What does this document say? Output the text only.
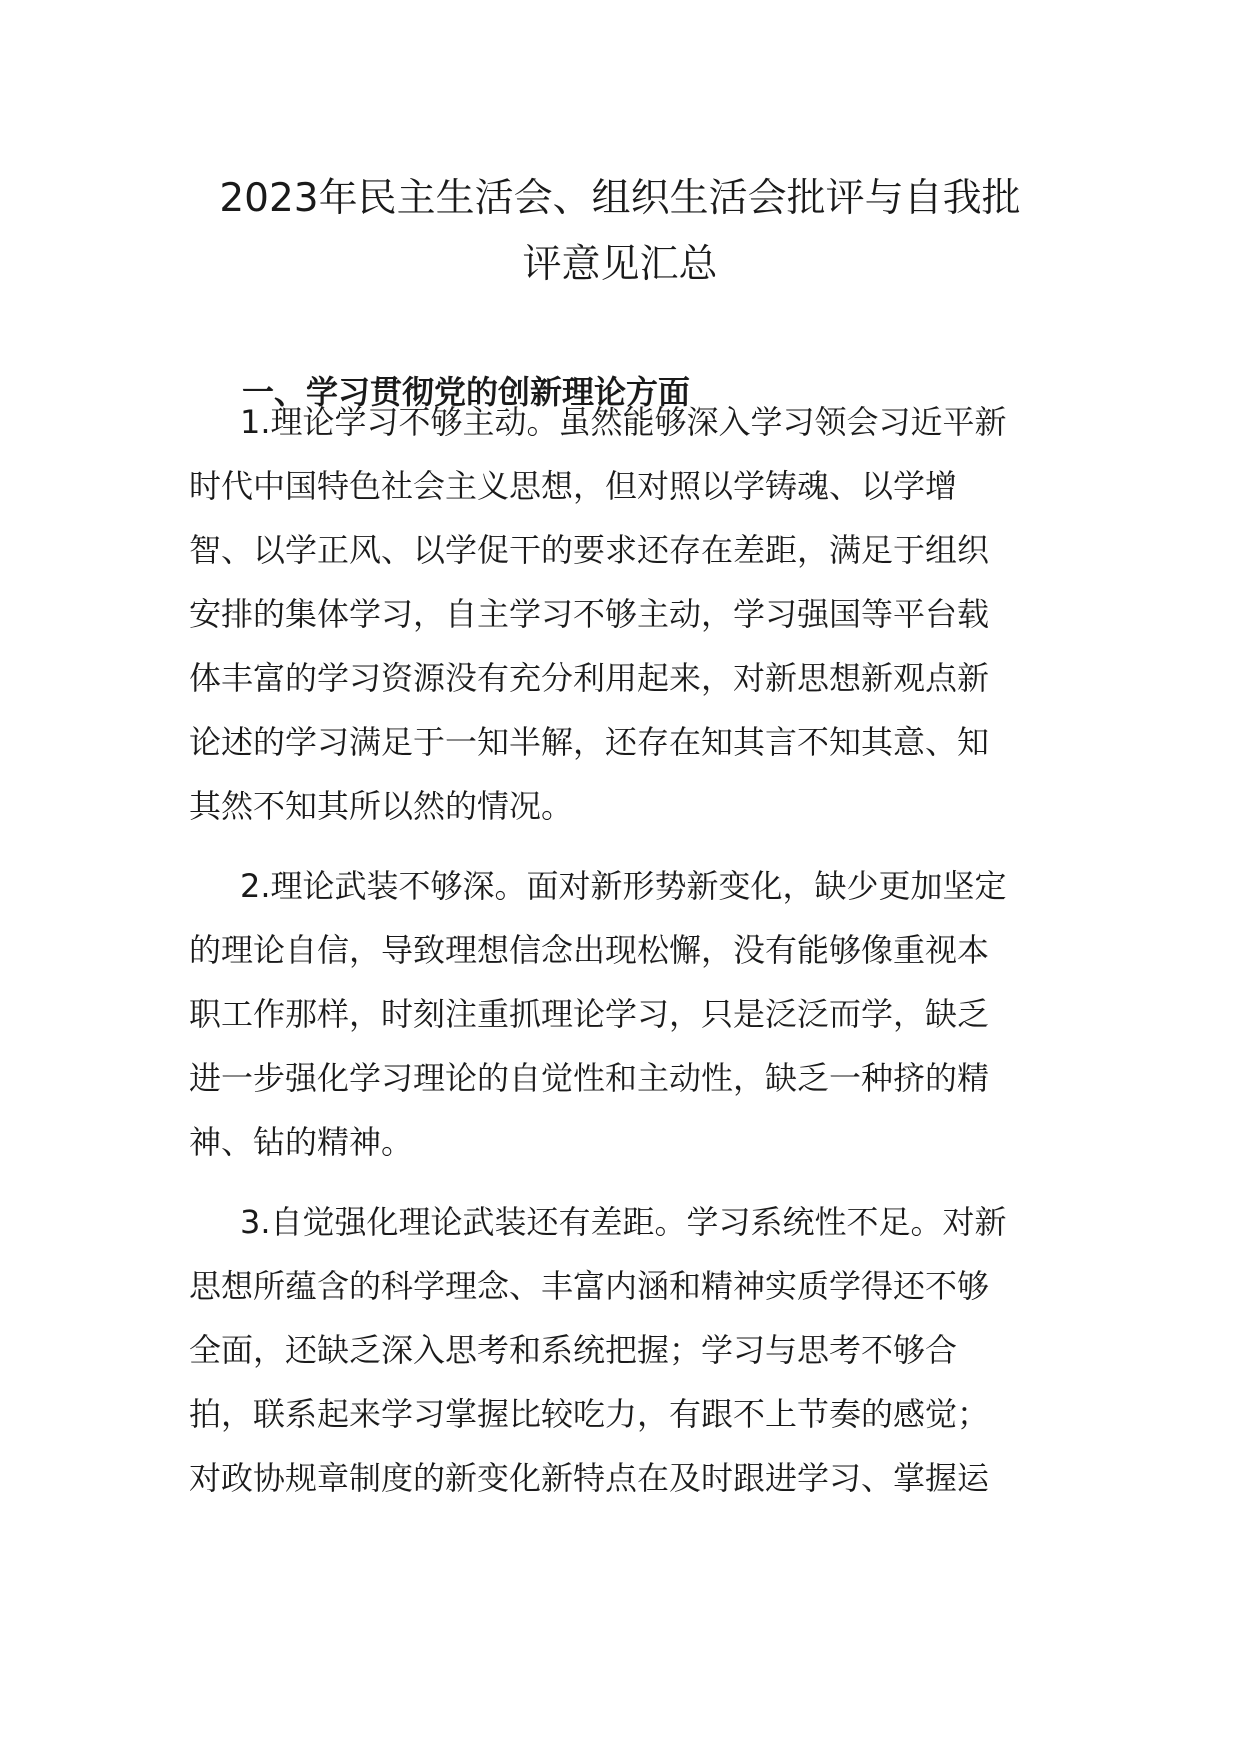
2023年民主生活会、组织生活会批评与自我批
评意见汇总
一、学习贯彻党的创新理论方面

1.理论学习不够主动。虽然能够深入学习领会习近平新
时代中国特色社会主义思想，但对照以学铸魂、以学增
智、以学正风、以学促干的要求还存在差距，满足于组织
安排的集体学习，自主学习不够主动，学习强国等平台载
体丰富的学习资源没有充分利用起来，对新思想新观点新
论述的学习满足于一知半解，还存在知其言不知其意、知
其然不知其所以然的情况。

2.理论武装不够深。面对新形势新变化，缺少更加坚定
的理论自信，导致理想信念出现松懈，没有能够像重视本
职工作那样，时刻注重抓理论学习，只是泛泛而学，缺乏
进一步强化学习理论的自觉性和主动性，缺乏一种挤的精
神、钻的精神。

3.自觉强化理论武装还有差距。学习系统性不足。对新
思想所蕴含的科学理念、丰富内涵和精神实质学得还不够
全面，还缺乏深入思考和系统把握；学习与思考不够合
拍，联系起来学习掌握比较吃力，有跟不上节奏的感觉；
对政协规章制度的新变化新特点在及时跟进学习、掌握运
